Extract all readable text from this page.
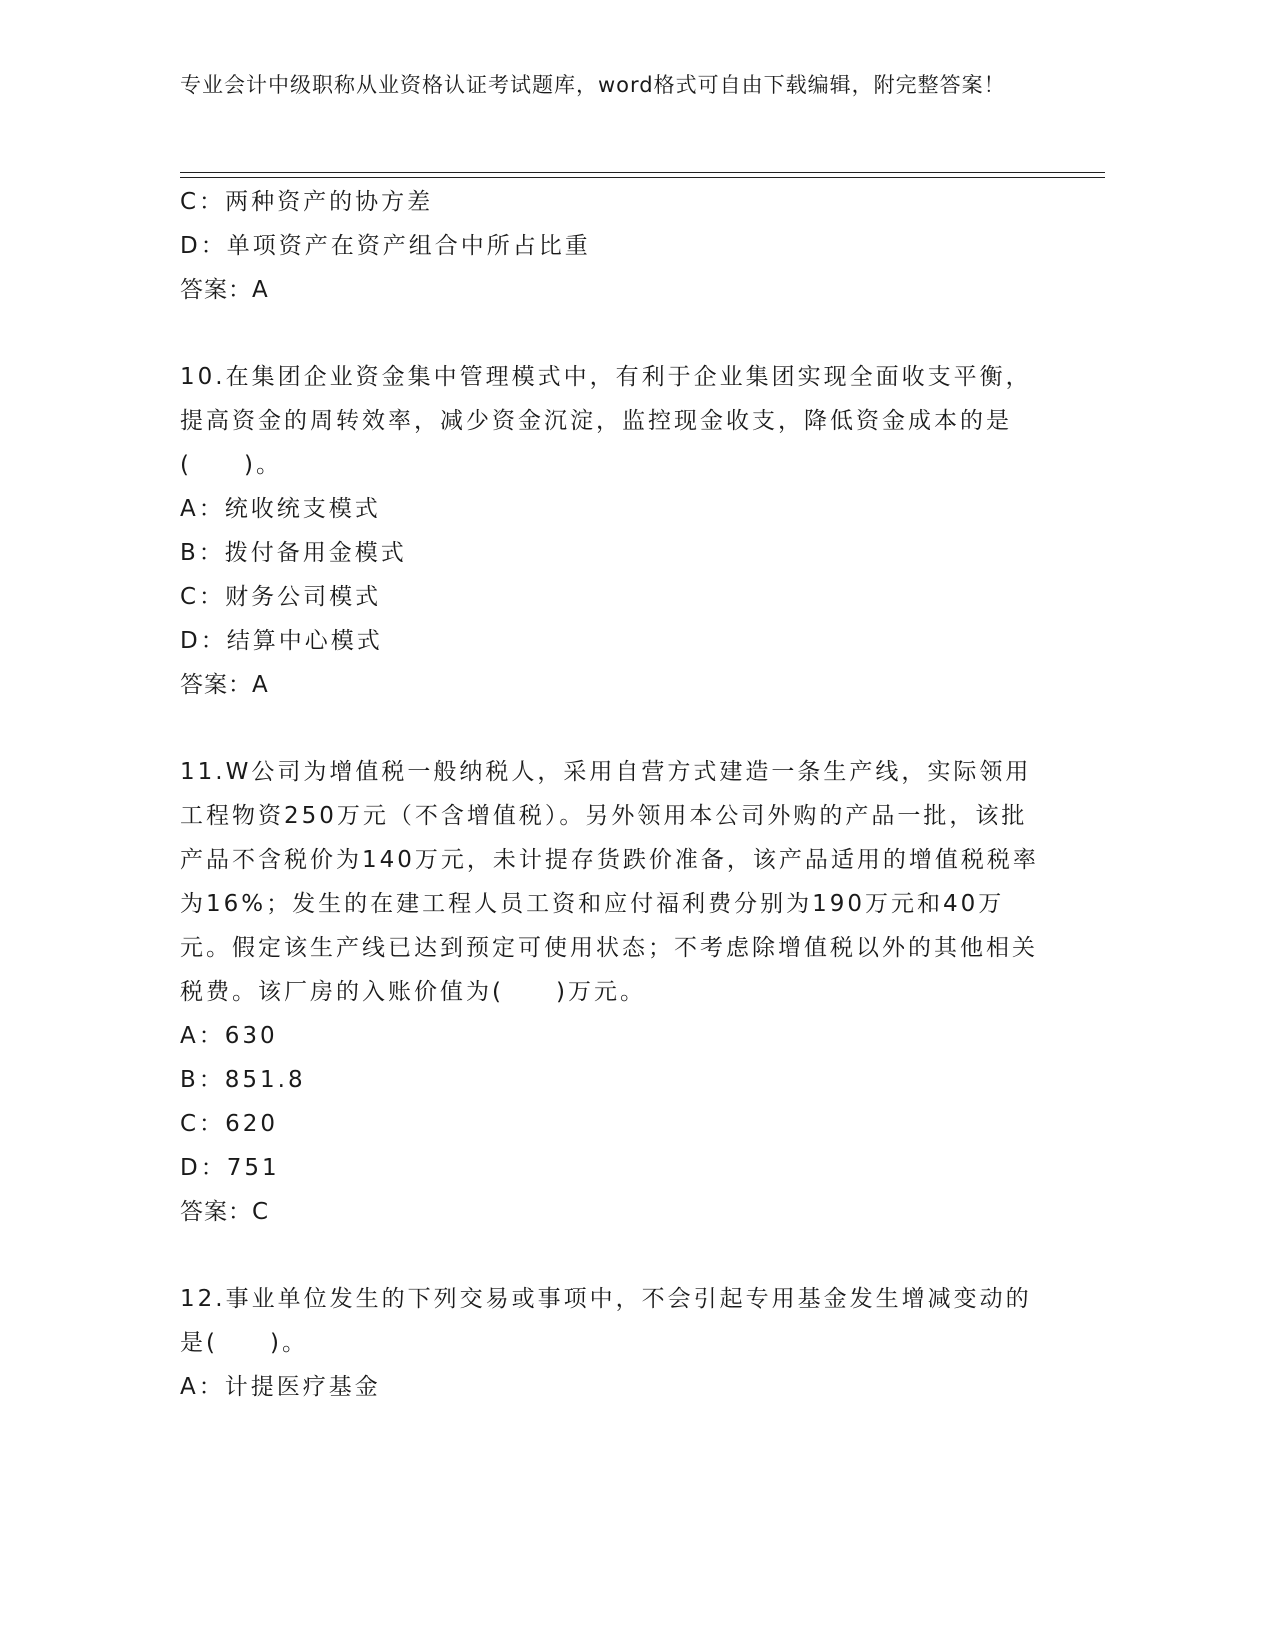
专业会计中级职称从业资格认证考试题库，word格式可自由下载编辑，附完整答案！
C：两种资产的协方差
D：单项资产在资产组合中所占比重
答案：A
10.在集团企业资金集中管理模式中，有利于企业集团实现全面收支平衡，提高资金的周转效率，减少资金沉淀，监控现金收支，降低资金成本的是(　　)。
A：统收统支模式
B：拨付备用金模式
C：财务公司模式
D：结算中心模式
答案：A
11.W公司为增值税一般纳税人，采用自营方式建造一条生产线，实际领用工程物资250万元（不含增值税）。另外领用本公司外购的产品一批，该批产品不含税价为140万元，未计提存货跌价准备，该产品适用的增值税税率为16%；发生的在建工程人员工资和应付福利费分别为190万元和40万元。假定该生产线已达到预定可使用状态；不考虑除增值税以外的其他相关税费。该厂房的入账价值为(　　)万元。
A：630
B：851.8
C：620
D：751
答案：C
12.事业单位发生的下列交易或事项中，不会引起专用基金发生增减变动的是(　　)。
A：计提医疗基金
